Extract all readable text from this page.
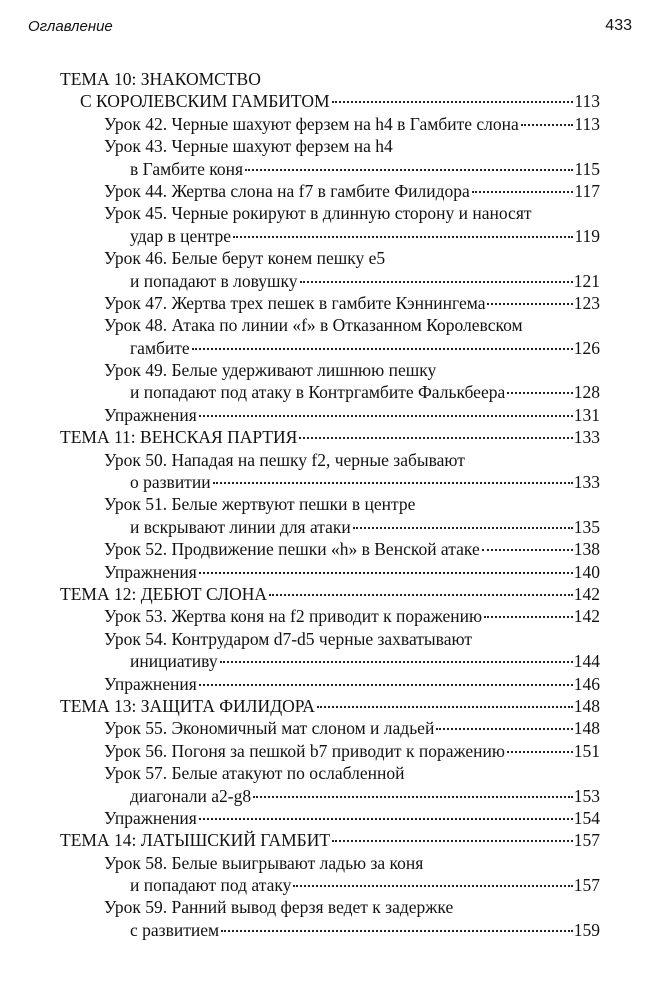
Оглавление	433
ТЕМА 10: ЗНАКОМСТВО
С КОРОЛЕВСКИМ ГАМБИТОМ	113
Урок 42. Черные шахуют ферзем на h4 в Гамбите слона	113
Урок 43. Черные шахуют ферзем на h4
в Гамбите коня	115
Урок 44. Жертва слона на f7 в гамбите Филидора	117
Урок 45. Черные рокируют в длинную сторону и наносят
удар в центре	119
Урок 46. Белые берут конем пешку е5
и попадают в ловушку	121
Урок 47. Жертва трех пешек в гамбите Кэннингема	123
Урок 48. Атака по линии «f» в Отказанном Королевском
гамбите	126
Урок 49. Белые удерживают лишнюю пешку
и попадают под атаку в Контргамбите Фалькбеера	128
Упражнения	131
ТЕМА 11: ВЕНСКАЯ ПАРТИЯ	133
Урок 50. Нападая на пешку f2, черные забывают
о развитии	133
Урок 51. Белые жертвуют пешки в центре
и вскрывают линии для атаки	135
Урок 52. Продвижение пешки «h» в Венской атаке	138
Упражнения	140
ТЕМА 12: ДЕБЮТ СЛОНА	142
Урок 53. Жертва коня на f2 приводит к поражению	142
Урок 54. Контрударом d7-d5 черные захватывают
инициативу	144
Упражнения	146
ТЕМА 13: ЗАЩИТА ФИЛИДОРА	148
Урок 55. Экономичный мат слоном и ладьей	148
Урок 56. Погоня за пешкой b7 приводит к поражению	151
Урок 57. Белые атакуют по ослабленной
диагонали a2-g8	153
Упражнения	154
ТЕМА 14: ЛАТЫШСКИЙ ГАМБИТ	157
Урок 58. Белые выигрывают ладью за коня
и попадают под атаку	157
Урок 59. Ранний вывод ферзя ведет к задержке
с развитием	159
